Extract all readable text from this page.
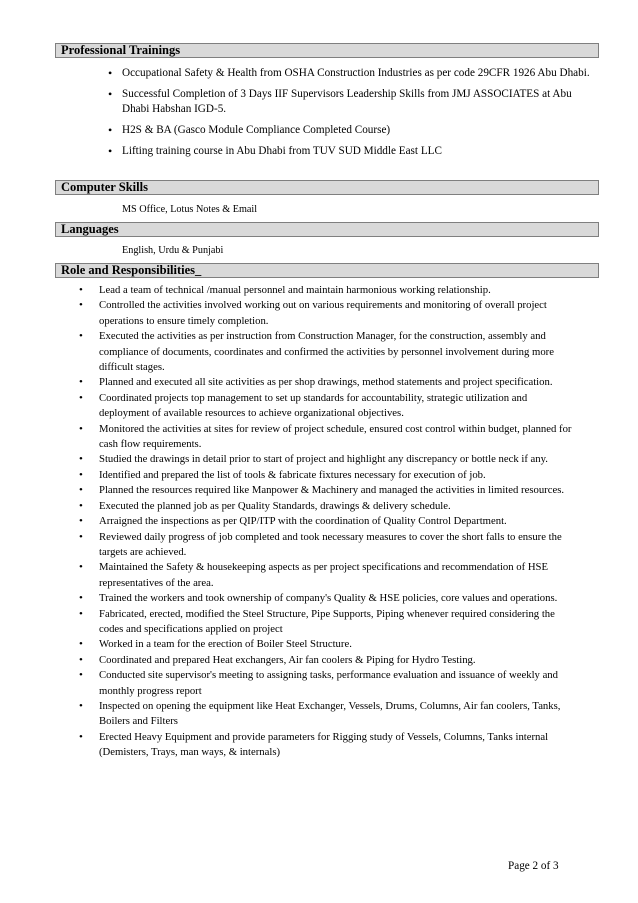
Professional Trainings
• Occupational Safety & Health from OSHA Construction Industries as per code 29CFR 1926 Abu Dhabi.
• Successful Completion of 3 Days IIF Supervisors Leadership Skills from JMJ ASSOCIATES at Abu Dhabi Habshan IGD-5.
• H2S & BA (Gasco Module Compliance Completed Course)
• Lifting training course in Abu Dhabi from TUV SUD Middle East LLC
Computer Skills
MS Office, Lotus Notes & Email
Languages
English, Urdu & Punjabi
Role and Responsibilities_
• Lead a team of technical /manual personnel and maintain harmonious working relationship.
• Controlled the activities involved working out on various requirements and monitoring of overall project operations to ensure timely completion.
• Executed the activities as per instruction from Construction Manager, for the construction, assembly and compliance of documents, coordinates and confirmed the activities by personnel involvement during more difficult stages.
• Planned and executed all site activities as per shop drawings, method statements and project specification.
• Coordinated projects top management to set up standards for accountability, strategic utilization and deployment of available resources to achieve organizational objectives.
• Monitored the activities at sites for review of project schedule, ensured cost control within budget, planned for cash flow requirements.
• Studied the drawings in detail prior to start of project and highlight any discrepancy or bottle neck if any.
• Identified and prepared the list of tools & fabricate fixtures necessary for execution of job.
• Planned the resources required like Manpower & Machinery and managed the activities in limited resources.
• Executed the planned job as per Quality Standards, drawings & delivery schedule.
• Arraigned the inspections as per QIP/ITP with the coordination of Quality Control Department.
• Reviewed daily progress of job completed and took necessary measures to cover the short falls to ensure the targets are achieved.
• Maintained the Safety & housekeeping aspects as per project specifications and recommendation of HSE representatives of the area.
• Trained the workers and took ownership of company's Quality & HSE policies, core values and operations.
• Fabricated, erected, modified the Steel Structure, Pipe Supports, Piping whenever required considering the codes and specifications applied on project
• Worked in a team for the erection of Boiler Steel Structure.
• Coordinated and prepared Heat exchangers, Air fan coolers & Piping for Hydro Testing.
• Conducted site supervisor's meeting to assigning tasks, performance evaluation and issuance of weekly and monthly progress report
• Inspected on opening the equipment like Heat Exchanger, Vessels, Drums, Columns, Air fan coolers, Tanks, Boilers and Filters
• Erected Heavy Equipment and provide parameters for Rigging study of Vessels, Columns, Tanks internal (Demisters, Trays, man ways, & internals)
Page 2 of 3
